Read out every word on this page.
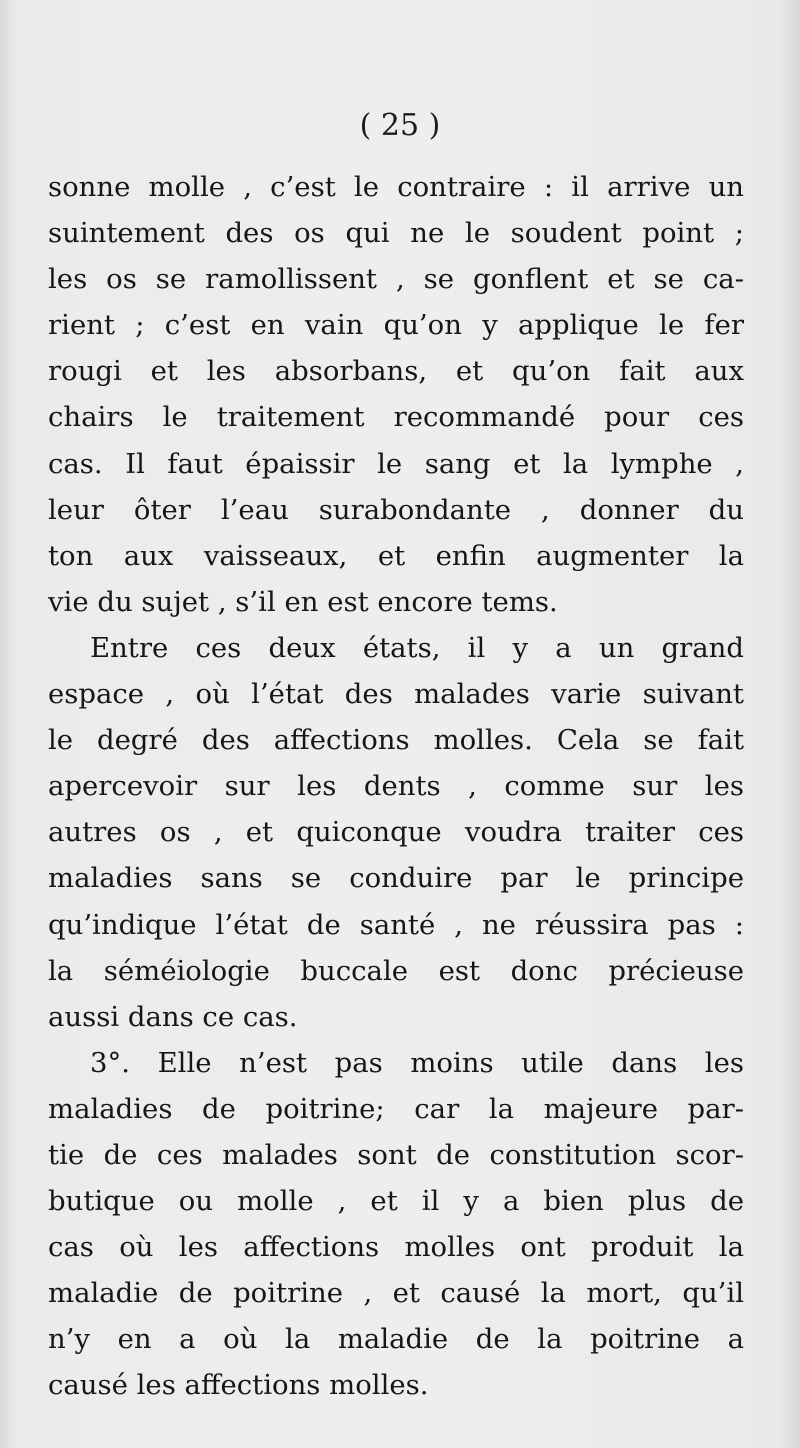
( 25 )
sonne molle , c’est le contraire : il arrive un
suintement des os qui ne le soudent point ;
les os se ramollissent , se gonflent et se ca-
rient ; c’est en vain qu’on y applique le fer
rougi et les absorbans, et qu’on fait aux
chairs le traitement recommandé pour ces
cas. Il faut épaissir le sang et la lymphe ,
leur ôter l’eau surabondante , donner du
ton aux vaisseaux, et enfin augmenter la
vie du sujet , s’il en est encore tems.
Entre ces deux états, il y a un grand
espace , où l’état des malades varie suivant
le degré des affections molles. Cela se fait
apercevoir sur les dents , comme sur les
autres os , et quiconque voudra traiter ces
maladies sans se conduire par le principe
qu’indique l’état de santé , ne réussira pas :
la séméiologie buccale est donc précieuse
aussi dans ce cas.
3°. Elle n’est pas moins utile dans les
maladies de poitrine; car la majeure par-
tie de ces malades sont de constitution scor-
butique ou molle , et il y a bien plus de
cas où les affections molles ont produit la
maladie de poitrine , et causé la mort, qu’il
n’y en a où la maladie de la poitrine a
causé les affections molles.
